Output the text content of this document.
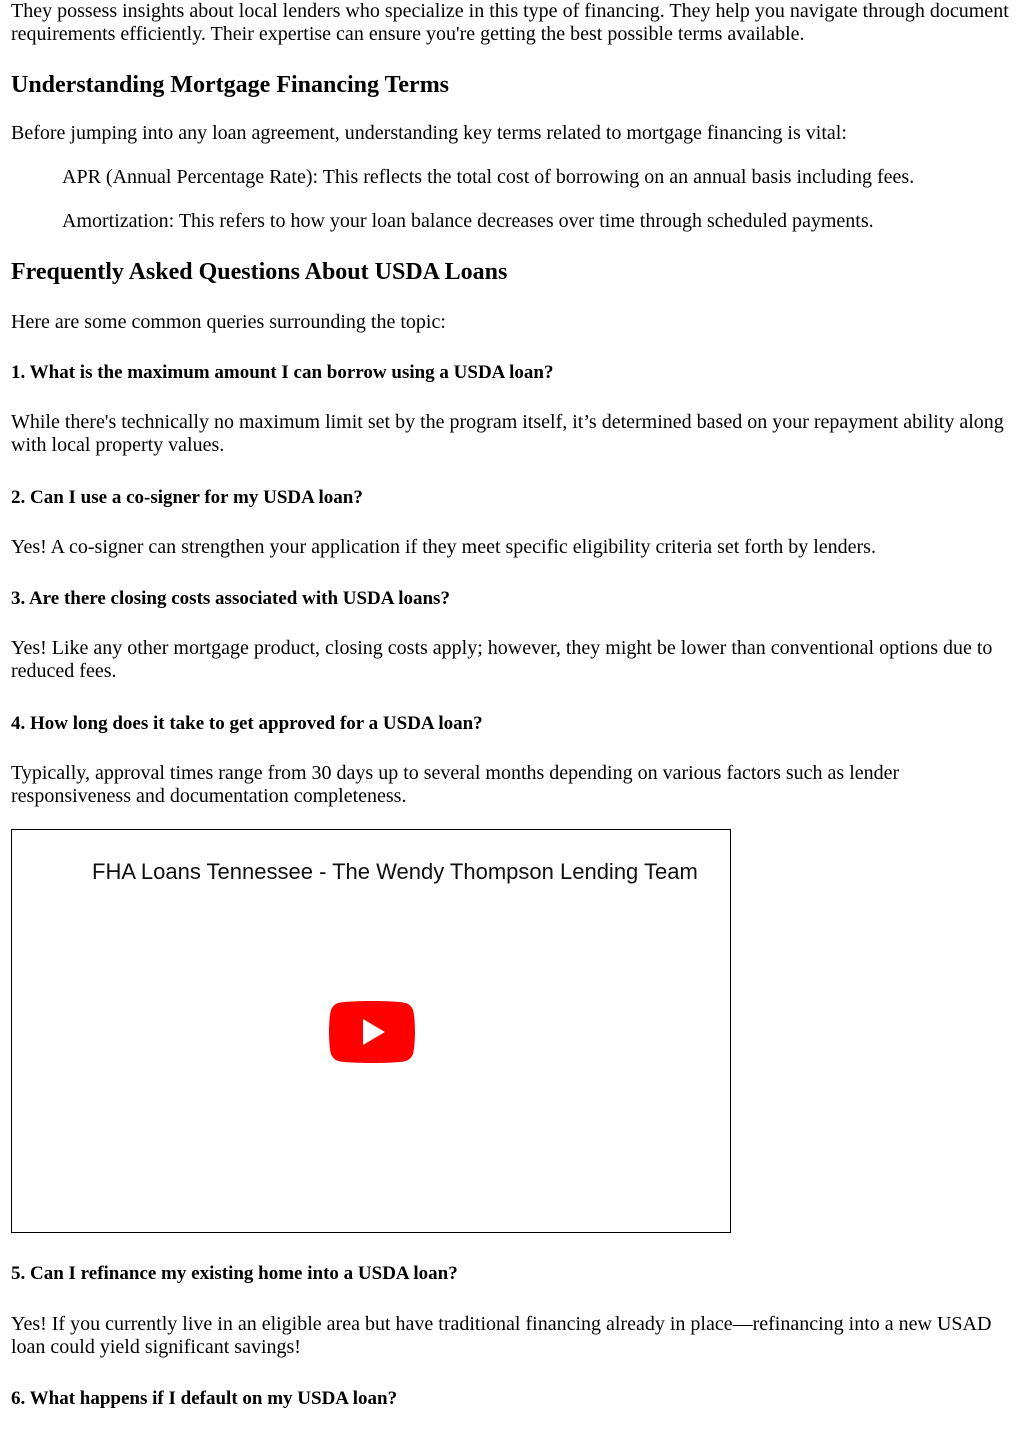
They possess insights about local lenders who specialize in this type of financing. They help you navigate through document requirements efficiently. Their expertise can ensure you're getting the best possible terms available.

Understanding Mortgage Financing Terms

Before jumping into any loan agreement, understanding key terms related to mortgage financing is vital:

APR (Annual Percentage Rate): This reflects the total cost of borrowing on an annual basis including fees.

Amortization: This refers to how your loan balance decreases over time through scheduled payments.

Frequently Asked Questions About USDA Loans

Here are some common queries surrounding the topic:

1. What is the maximum amount I can borrow using a USDA loan?

While there's technically no maximum limit set by the program itself, it’s determined based on your repayment ability along with local property values.

2. Can I use a co-signer for my USDA loan?

Yes! A co-signer can strengthen your application if they meet specific eligibility criteria set forth by lenders.

3. Are there closing costs associated with USDA loans?

Yes! Like any other mortgage product, closing costs apply; however, they might be lower than conventional options due to reduced fees.

4. How long does it take to get approved for a USDA loan?

Typically, approval times range from 30 days up to several months depending on various factors such as lender responsiveness and documentation completeness.

FHA Loans Tennessee - The Wendy Thompson Lending Team
5. Can I refinance my existing home into a USDA loan?

Yes! If you currently live in an eligible area but have traditional financing already in place—refinancing into a new USAD loan could yield significant savings!

6. What happens if I default on my USDA loan?
